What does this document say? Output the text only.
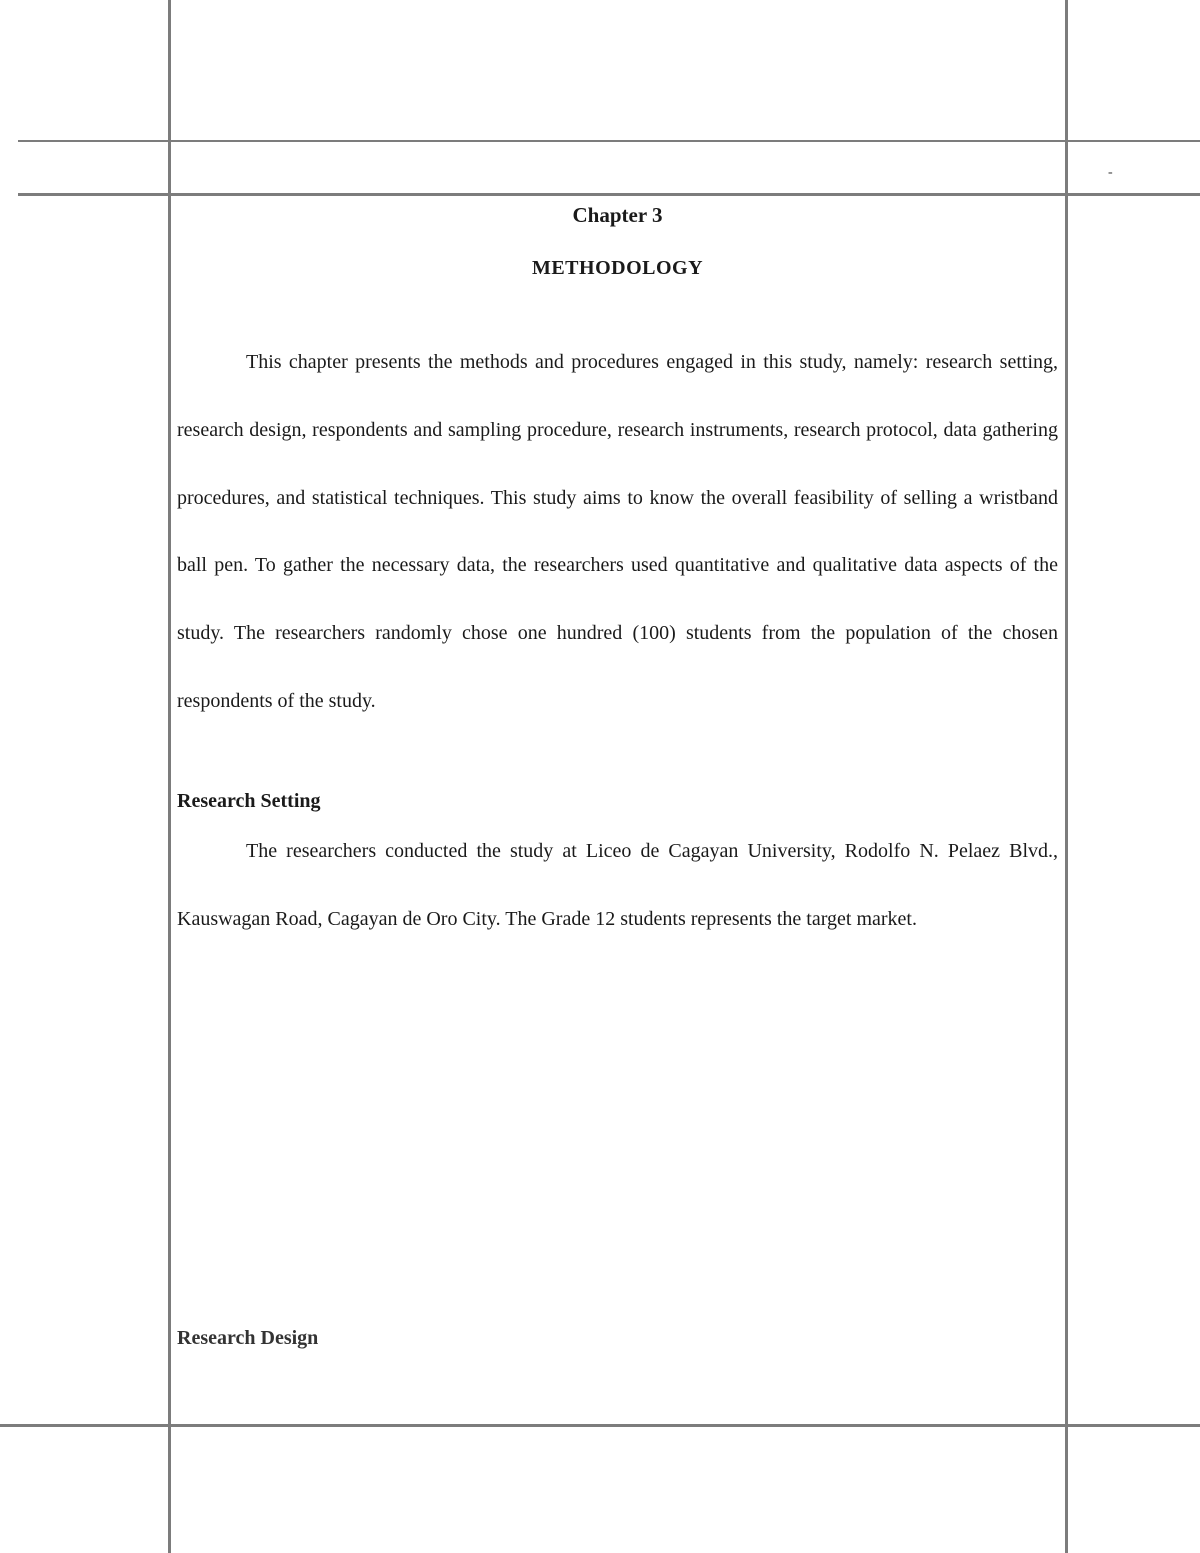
-

Chapter 3

METHODOLOGY

This chapter presents the methods and procedures engaged in this study, namely: research setting, research design, respondents and sampling procedure, research instruments, research protocol, data gathering procedures, and statistical techniques. This study aims to know the overall feasibility of selling a wristband ball pen. To gather the necessary data, the researchers used quantitative and qualitative data aspects of the study. The researchers randomly chose one hundred (100) students from the population of the chosen respondents of the study.

Research Setting

The researchers conducted the study at Liceo de Cagayan University, Rodolfo N. Pelaez Blvd., Kauswagan Road, Cagayan de Oro City. The Grade 12 students represents the target market.

Research Design
